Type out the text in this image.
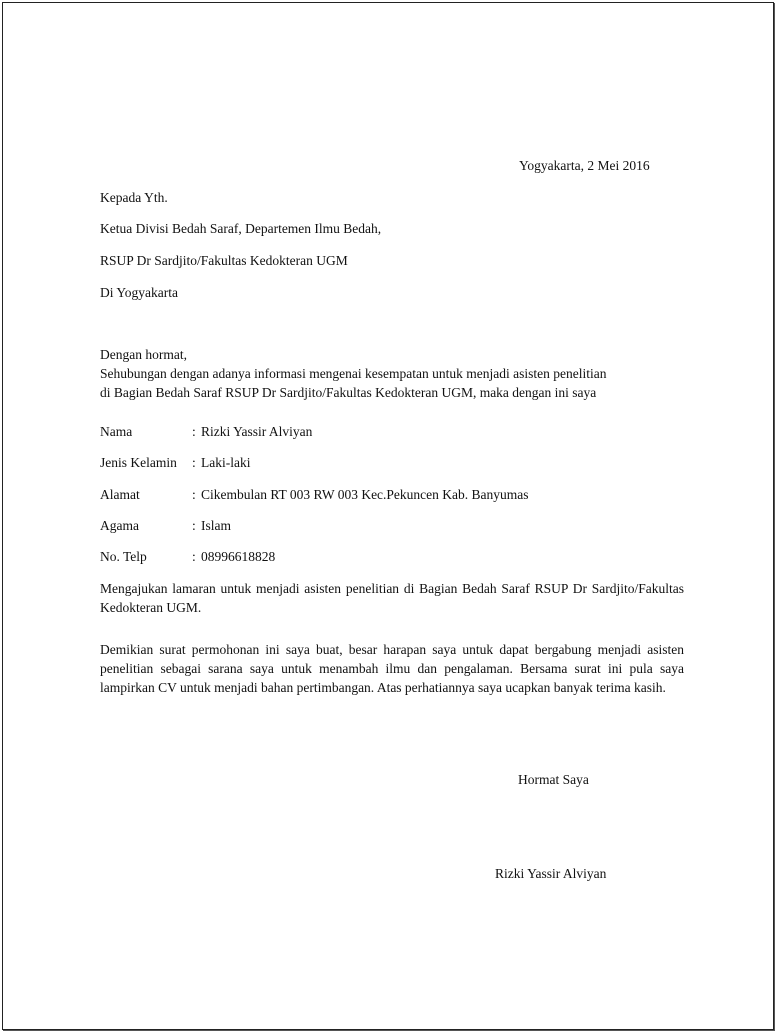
Yogyakarta, 2 Mei 2016

Kepada Yth.

Ketua Divisi Bedah Saraf, Departemen Ilmu Bedah,

RSUP Dr Sardjito/Fakultas Kedokteran UGM

Di Yogyakarta

Dengan hormat,

Sehubungan dengan adanya informasi mengenai kesempatan untuk menjadi asisten penelitian

di Bagian Bedah Saraf RSUP Dr Sardjito/Fakultas Kedokteran UGM, maka dengan ini saya

Nama	: Rizki Yassir Alviyan
Jenis Kelamin : Laki-laki
Alamat	: Cikembulan RT 003 RW 003 Kec.Pekuncen Kab. Banyumas
Agama	: Islam
No. Telp	: 08996618828

Mengajukan lamaran untuk menjadi asisten penelitian di Bagian Bedah Saraf RSUP Dr Sardjito/Fakultas Kedokteran UGM.

Demikian surat permohonan ini saya buat, besar harapan saya untuk dapat bergabung menjadi asisten penelitian sebagai sarana saya untuk menambah ilmu dan pengalaman. Bersama surat ini pula saya lampirkan CV untuk menjadi bahan pertimbangan. Atas perhatiannya saya ucapkan banyak terima kasih.

Hormat Saya

Rizki Yassir Alviyan
